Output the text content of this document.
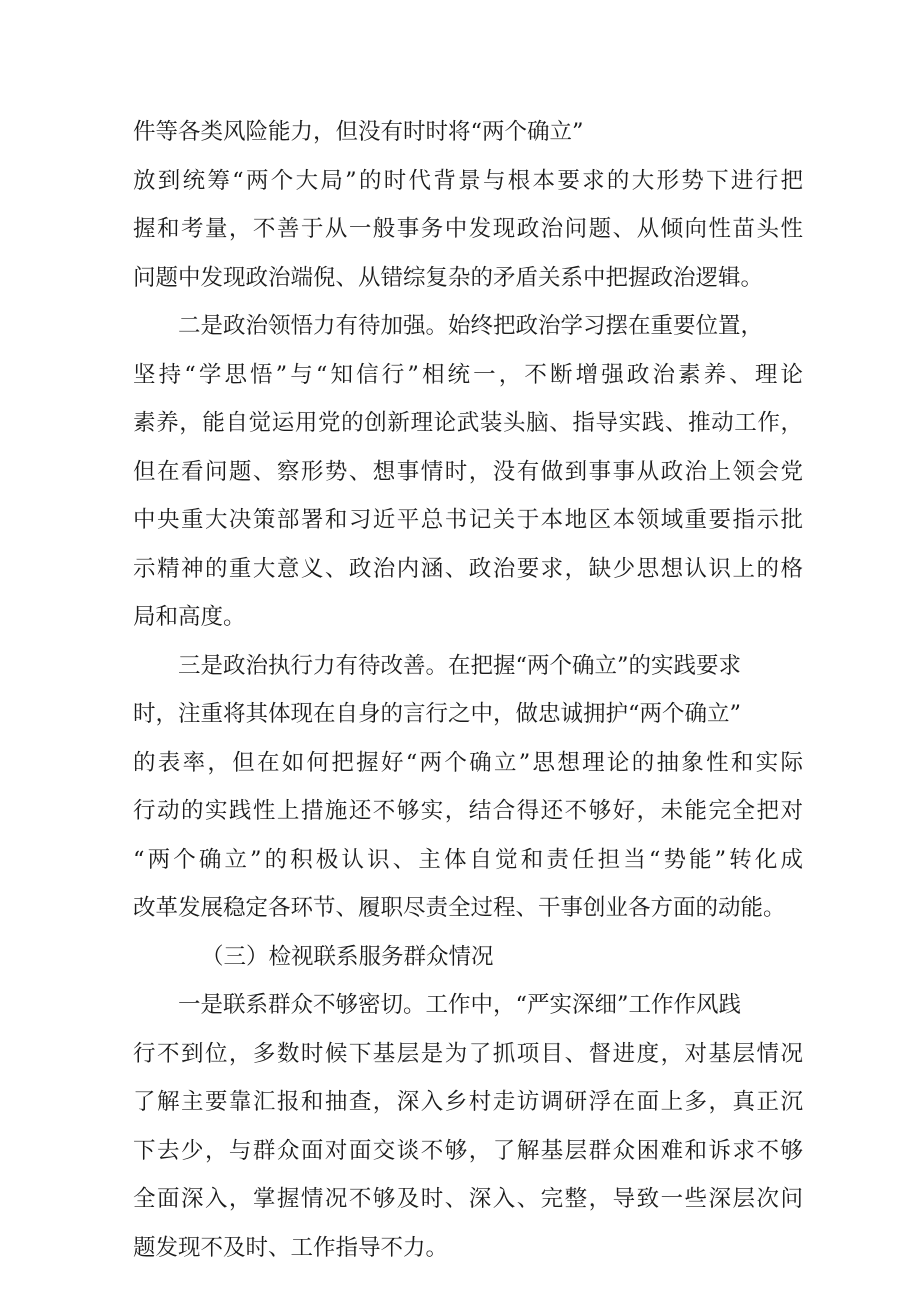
件等各类风险能力，但没有时时将“两个确立”
放到统筹“两个大局”的时代背景与根本要求的大形势下进行把
握和考量，不善于从一般事务中发现政治问题、从倾向性苗头性
问题中发现政治端倪、从错综复杂的矛盾关系中把握政治逻辑。
二是政治领悟力有待加强。始终把政治学习摆在重要位置，
坚持“学思悟”与“知信行”相统一，不断增强政治素养、理论
素养，能自觉运用党的创新理论武装头脑、指导实践、推动工作，
但在看问题、察形势、想事情时，没有做到事事从政治上领会党
中央重大决策部署和习近平总书记关于本地区本领域重要指示批
示精神的重大意义、政治内涵、政治要求，缺少思想认识上的格
局和高度。
三是政治执行力有待改善。在把握“两个确立”的实践要求
时，注重将其体现在自身的言行之中，做忠诚拥护“两个确立”
的表率，但在如何把握好“两个确立”思想理论的抽象性和实际
行动的实践性上措施还不够实，结合得还不够好，未能完全把对
“两个确立”的积极认识、主体自觉和责任担当“势能”转化成
改革发展稳定各环节、履职尽责全过程、干事创业各方面的动能。
（三）检视联系服务群众情况
一是联系群众不够密切。工作中，“严实深细”工作作风践
行不到位，多数时候下基层是为了抓项目、督进度，对基层情况
了解主要靠汇报和抽查，深入乡村走访调研浮在面上多，真正沉
下去少，与群众面对面交谈不够，了解基层群众困难和诉求不够
全面深入，掌握情况不够及时、深入、完整，导致一些深层次问
题发现不及时、工作指导不力。
